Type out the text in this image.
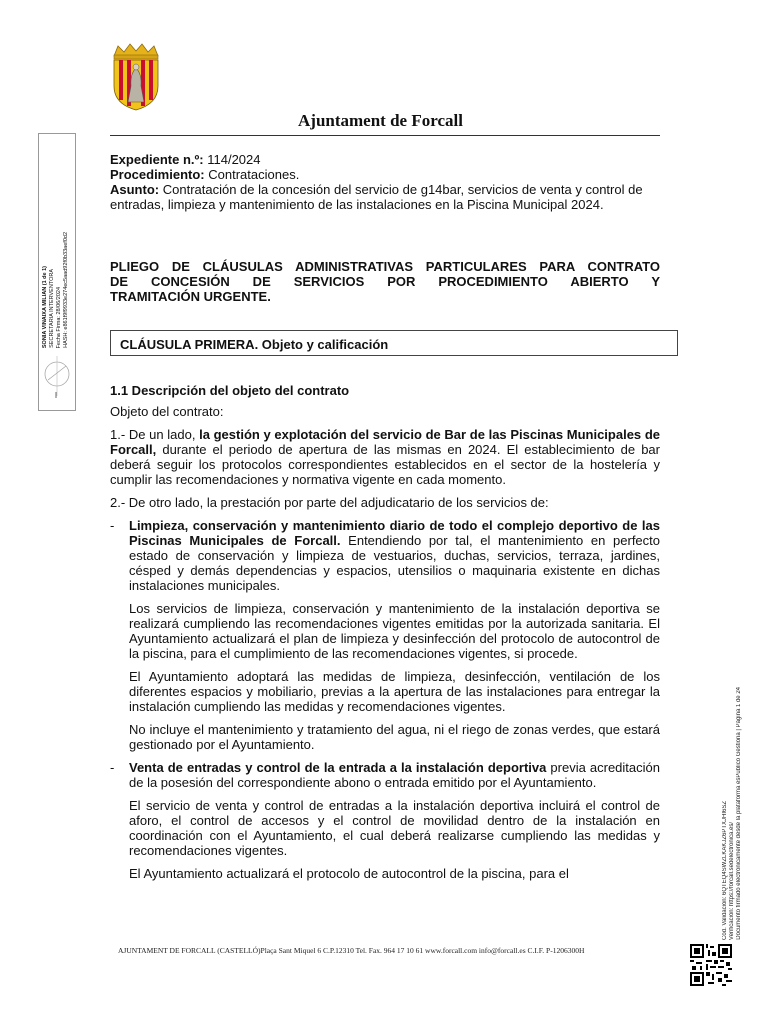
Ajuntament de Forcall
Expediente n.º: 114/2024
Procedimiento: Contrataciones.
Asunto: Contratación de la concesión del servicio de g14bar, servicios de venta y control de entradas, limpieza y mantenimiento de las instalaciones en la Piscina Municipal 2024.
PLIEGO DE CLÁUSULAS ADMINISTRATIVAS PARTICULARES PARA CONTRATO
DE CONCESIÓN DE SERVICIOS POR PROCEDIMIENTO ABIERTO Y
TRAMITACIÓN URGENTE.
CLÁUSULA PRIMERA. Objeto y calificación

1.1 Descripción del objeto del contrato

Objeto del contrato:

1.- De un lado, la gestión y explotación del servicio de Bar de las Piscinas Municipales de Forcall, durante el periodo de apertura de las mismas en 2024. El establecimiento de bar deberá seguir los protocolos correspondientes establecidos en el sector de la hostelería y cumplir las recomendaciones y normativa vigente en cada momento.

2.- De otro lado, la prestación por parte del adjudicatario de los servicios de:

- Limpieza, conservación y mantenimiento diario de todo el complejo deportivo de las Piscinas Municipales de Forcall. Entendiendo por tal, el mantenimiento en perfecto estado de conservación y limpieza de vestuarios, duchas, servicios, terraza, jardines, césped y demás dependencias y espacios, utensilios o maquinaria existente en dichas instalaciones municipales.

Los servicios de limpieza, conservación y mantenimiento de la instalación deportiva se realizará cumpliendo las recomendaciones vigentes emitidas por la autorizada sanitaria. El Ayuntamiento actualizará el plan de limpieza y desinfección del protocolo de autocontrol de la piscina, para el cumplimiento de las recomendaciones vigentes, si procede.

El Ayuntamiento adoptará las medidas de limpieza, desinfección, ventilación de los diferentes espacios y mobiliario, previas a la apertura de las instalaciones para entregar la instalación cumpliendo las medidas y recomendaciones vigentes.

No incluye el mantenimiento y tratamiento del agua, ni el riego de zonas verdes, que estará gestionado por el Ayuntamiento.

- Venta de entradas y control de la entrada a la instalación deportiva previa acreditación de la posesión del correspondiente abono o entrada emitido por el Ayuntamiento.

El servicio de venta y control de entradas a la instalación deportiva incluirá el control de aforo, el control de accesos y el control de movilidad dentro de la instalación en coordinación con el Ayuntamiento, el cual deberá realizarse cumpliendo las medidas y recomendaciones vigentes.

El Ayuntamiento actualizará el protocolo de autocontrol de la piscina, para el

AJUNTAMENT DE FORCALL (CASTELLÓ)Plaça Sant Miquel 6 C.P.12310 Tel. Fax. 964 17 10 61 www.forcall.com info@forcall.es C.I.F. P-1206300H
SONIA VINAIXA MILIAN (1 de 1) SECRETARIA INTERVENTORA Fecha Firma: 28/06/2024 HASH: e861f9f9933e274ec5aad92f0b33aef0d2
Cód. Validación: 6QTEQ4SWZLKAKJZ6PTXJHI6SZ Verificación: https://forcall.sedelectronica.es/ Documento firmado electrónicamente desde la plataforma esPublico Gestiona | Página 1 de 24
